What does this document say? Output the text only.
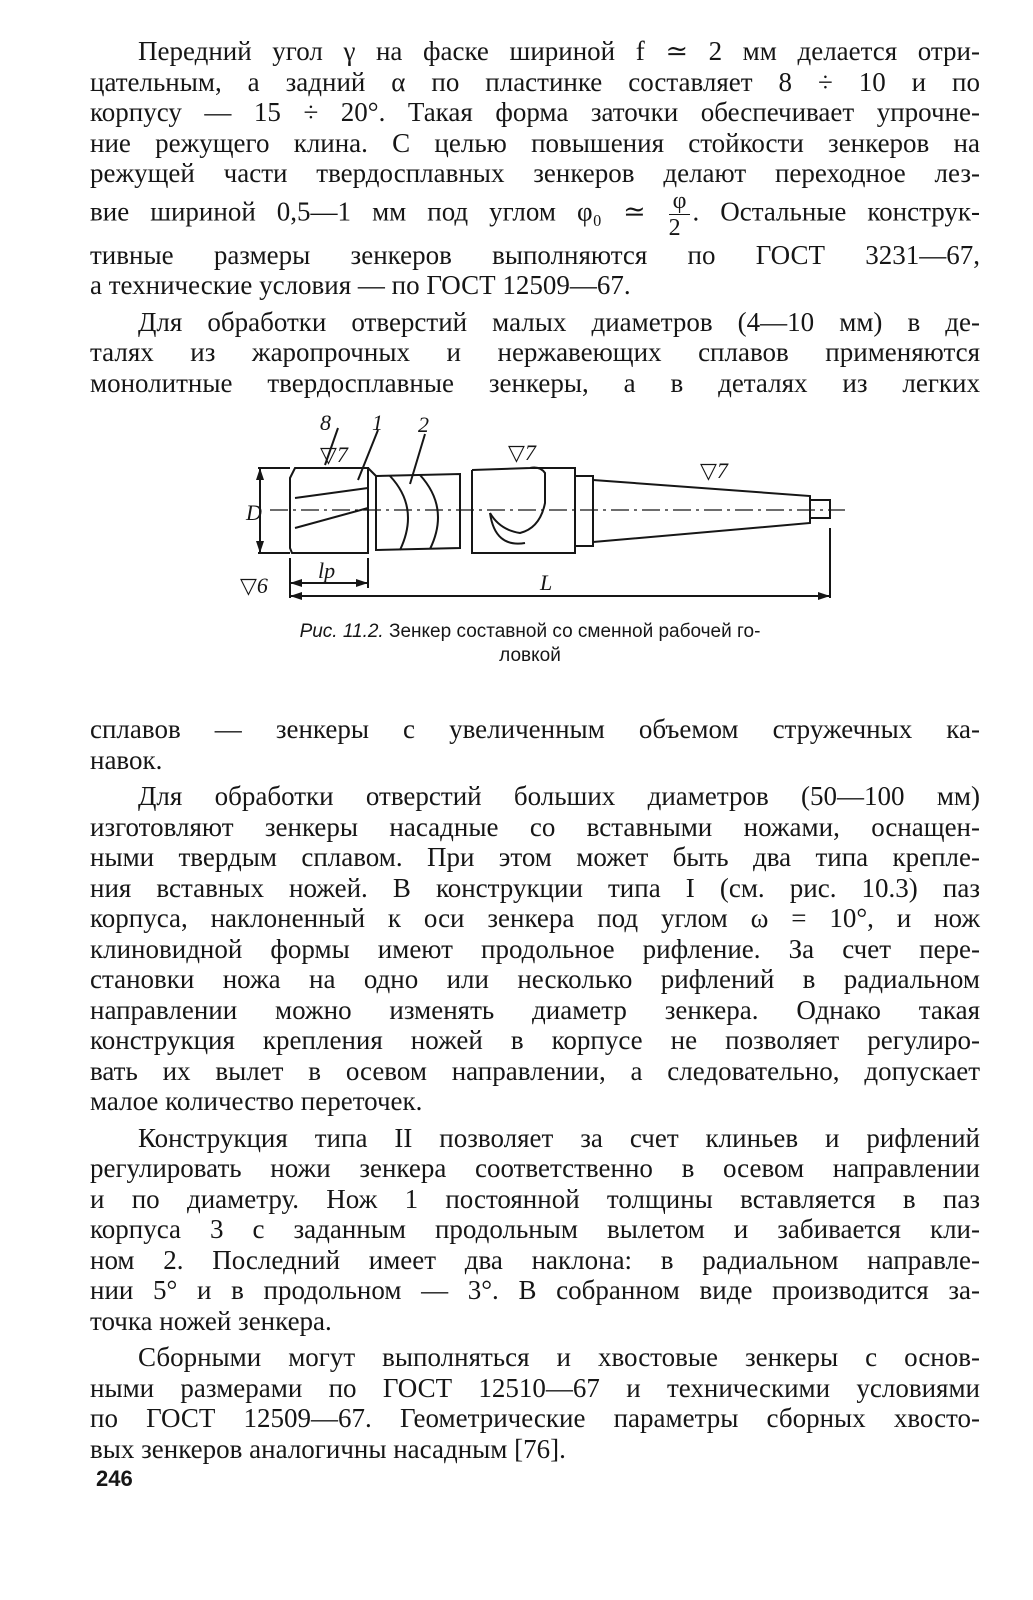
Передний угол γ на фаске шириной f ≃ 2 мм делается отри-

цательным, а задний α по пластинке составляет 8 ÷ 10 и по

корпусу — 15 ÷ 20°. Такая форма заточки обеспечивает упрочне-

ние режущего клина. С целью повышения стойкости зенкеров на

режущей части твердосплавных зенкеров делают переходное лез-

вие шириной 0,5—1 мм под углом φ₀ ≃ $\frac{\varphi}{2}$ . Остальные конструк-

тивные размеры зенкеров выполняются по ГОСТ 3231—67,

а технические условия — по ГОСТ 12509—67.

Для обработки отверстий малых диаметров (4—10 мм) в де-

талях из жаропрочных и нержавеющих сплавов применяются

монолитные твердосплавные зенкеры, а в деталях из легких

8 1 2
▽7	▽7
▽7
▽6
D
lр	L
Рис. 11.2. Зенкер составной со сменной рабочей го-
ловкой

сплавов — зенкеры с увеличенным объемом стружечных ка-

навок.

Для обработки отверстий больших диаметров (50—100 мм)

изготовляют зенкеры насадные со вставными ножами, оснащен-

ными твердым сплавом. При этом может быть два типа крепле-

ния вставных ножей. В конструкции типа I (см. рис. 10.3) паз

корпуса, наклоненный к оси зенкера под углом ω = 10°, и нож

клиновидной формы имеют продольное рифление. За счет пере-

становки ножа на одно или несколько рифлений в радиальном

направлении можно изменять диаметр зенкера. Однако такая

конструкция крепления ножей в корпусе не позволяет регулиро-

вать их вылет в осевом направлении, а следовательно, допускает

малое количество переточек.

Конструкция типа II позволяет за счет клиньев и рифлений

регулировать ножи зенкера соответственно в осевом направлении

и по диаметру. Нож 1 постоянной толщины вставляется в паз

корпуса 3 с заданным продольным вылетом и забивается кли-

ном 2. Последний имеет два наклона: в радиальном направле-

нии 5° и в продольном — 3°. В собранном виде производится за-

точка ножей зенкера.

Сборными могут выполняться и хвостовые зенкеры с основ-

ными размерами по ГОСТ 12510—67 и техническими условиями

по ГОСТ 12509—67. Геометрические параметры сборных хвосто-

вых зенкеров аналогичны насадным [76].

246
